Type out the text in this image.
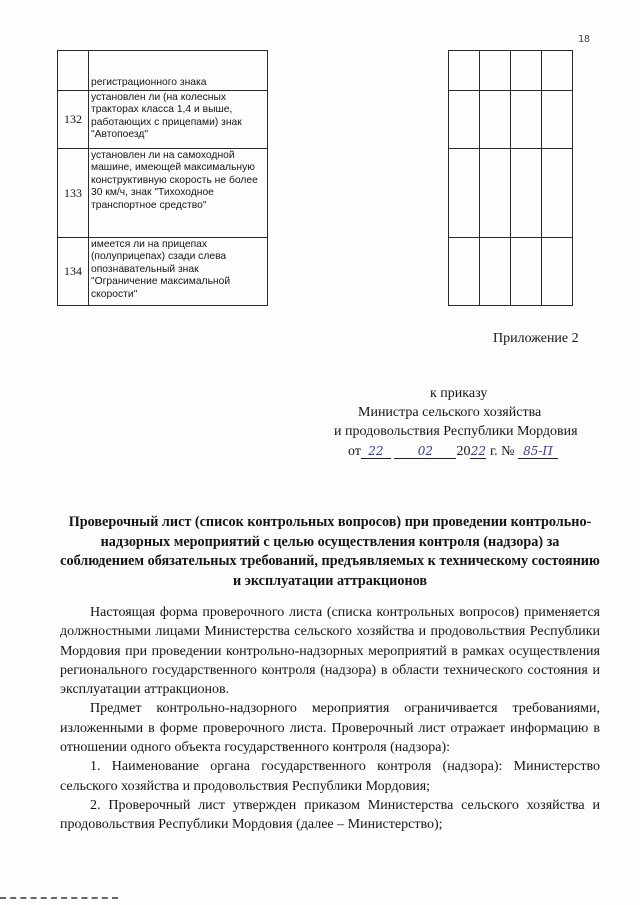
18
	регистрационного знака					
132	установлен ли (на колесных тракторах класса 1,4 и выше, работающих с прицепами) знак "Автопоезд"					
133	установлен ли на самоходной машине, имеющей максимальную конструктивную скорость не более 30 км/ч, знак "Тихоходное транспортное средство"					
134	имеется ли на прицепах (полуприцепах) сзади слева опознавательный знак "Ограничение максимальной скорости"					
Приложение 2
к приказу
Министра сельского хозяйства
и продовольствия Республики Мордовия
от 22	02 2022 г. № 85-П
Проверочный лист (список контрольных вопросов) при проведении контрольно-надзорных мероприятий с целью осуществления контроля (надзора) за соблюдением обязательных требований, предъявляемых к техническому состоянию и эксплуатации аттракционов

Настоящая форма проверочного листа (списка контрольных вопросов) применяется должностными лицами Министерства сельского хозяйства и продовольствия Республики Мордовия при проведении контрольно-надзорных мероприятий в рамках осуществления регионального государственного контроля (надзора) в области технического состояния и эксплуатации аттракционов.

Предмет контрольно-надзорного мероприятия ограничивается требованиями, изложенными в форме проверочного листа. Проверочный лист отражает информацию в отношении одного объекта государственного контроля (надзора):

1. Наименование органа государственного контроля (надзора): Министерство сельского хозяйства и продовольствия Республики Мордовия;

2. Проверочный лист утвержден приказом Министерства сельского хозяйства и продовольствия Республики Мордовия (далее – Министерство);
